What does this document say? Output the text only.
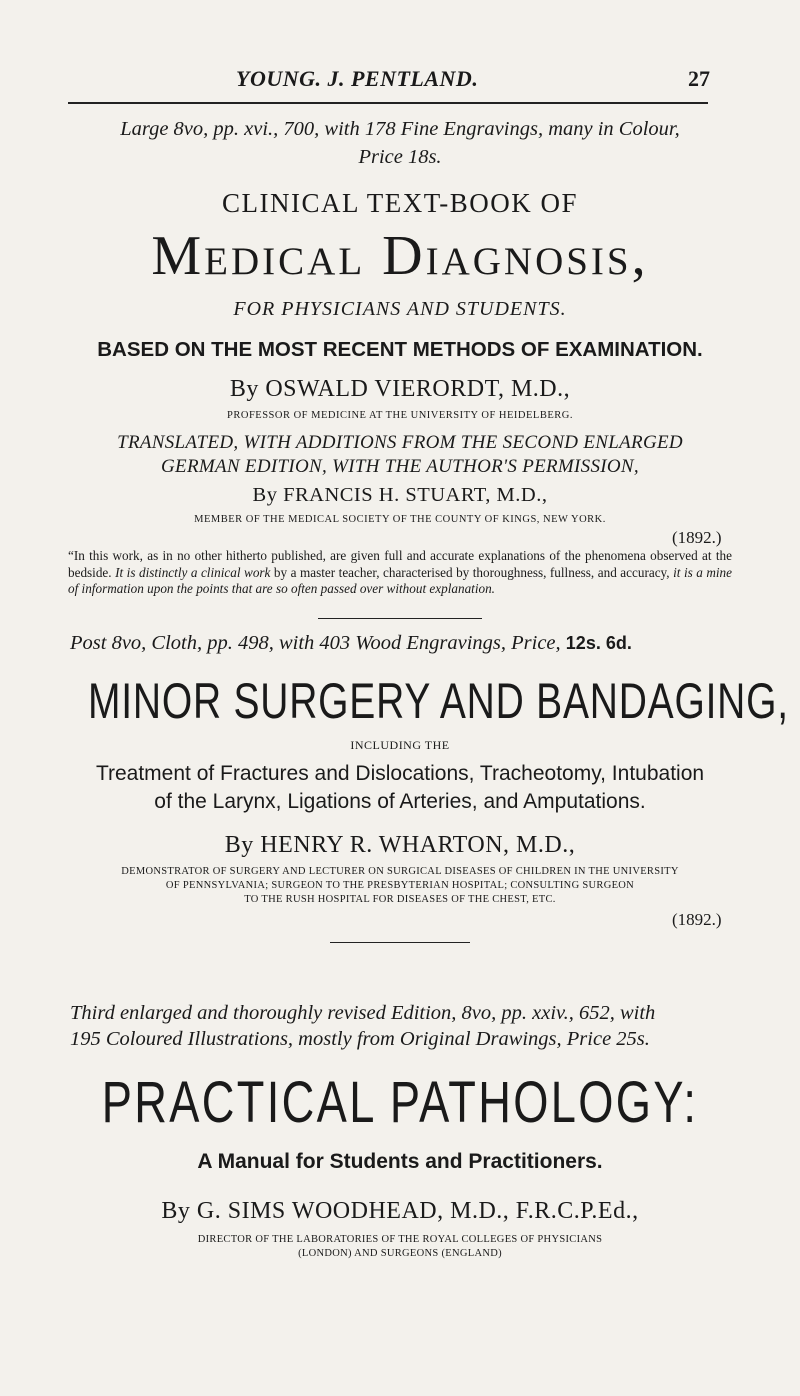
YOUNG. J. PENTLAND.	27
Large 8vo, pp. xvi., 700, with 178 Fine Engravings, many in Colour,
Price 18s.
CLINICAL TEXT-BOOK OF
Medical Diagnosis,
FOR PHYSICIANS AND STUDENTS.
BASED ON THE MOST RECENT METHODS OF EXAMINATION.
By OSWALD VIERORDT, M.D.,
PROFESSOR OF MEDICINE AT THE UNIVERSITY OF HEIDELBERG.
TRANSLATED, WITH ADDITIONS FROM THE SECOND ENLARGED
GERMAN EDITION, WITH THE AUTHOR'S PERMISSION,
By FRANCIS H. STUART, M.D.,
MEMBER OF THE MEDICAL SOCIETY OF THE COUNTY OF KINGS, NEW YORK.
(1892.)
“In this work, as in no other hitherto published, are given full and accurate explanations of the phenomena observed at the bedside. It is distinctly a clinical work by a master teacher, characterised by thoroughness, fullness, and accuracy, it is a mine of information upon the points that are so often passed over without explanation.
Post 8vo, Cloth, pp. 498, with 403 Wood Engravings, Price, 12s. 6d.
MINOR SURGERY AND BANDAGING,
INCLUDING THE
Treatment of Fractures and Dislocations, Tracheotomy, Intubation
of the Larynx, Ligations of Arteries, and Amputations.
By HENRY R. WHARTON, M.D.,
DEMONSTRATOR OF SURGERY AND LECTURER ON SURGICAL DISEASES OF CHILDREN IN THE UNIVERSITY
OF PENNSYLVANIA; SURGEON TO THE PRESBYTERIAN HOSPITAL; CONSULTING SURGEON
TO THE RUSH HOSPITAL FOR DISEASES OF THE CHEST, ETC.
(1892.)
Third enlarged and thoroughly revised Edition, 8vo, pp. xxiv., 652, with
195 Coloured Illustrations, mostly from Original Drawings, Price 25s.
PRACTICAL PATHOLOGY:
A Manual for Students and Practitioners.
By G. SIMS WOODHEAD, M.D., F.R.C.P.Ed.,
DIRECTOR OF THE LABORATORIES OF THE ROYAL COLLEGES OF PHYSICIANS
(LONDON) AND SURGEONS (ENGLAND)
